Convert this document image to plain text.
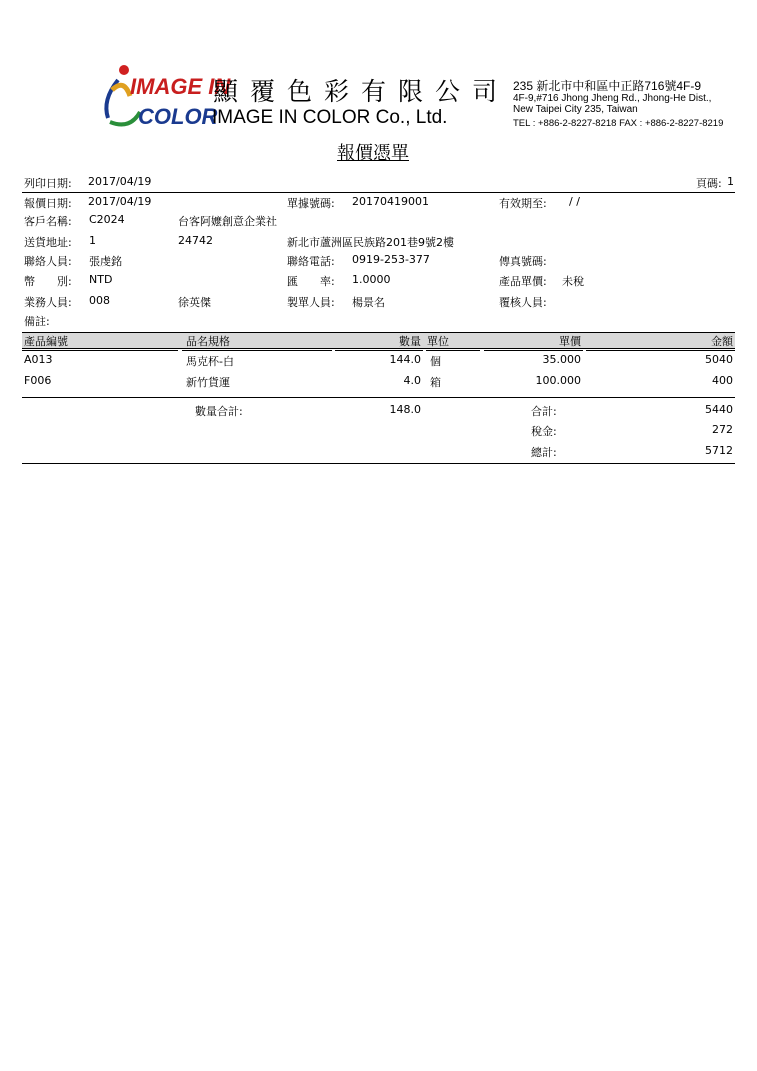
IMAGE IN
COLOR
顯覆色彩有限公司
IMAGE IN COLOR Co., Ltd.
235 新北市中和區中正路716號4F-9
4F-9,#716 Jhong Jheng Rd., Jhong-He Dist.,
New Taipei City 235, Taiwan
TEL : +886-2-8227-8218 FAX : +886-2-8227-8219
報價憑單
列印日期: 2017/04/19	頁碼: 1
報價日期: 2017/04/19	單據號碼: 20170419001	有效期至: / /
客戶名稱: C2024	台客阿嬤創意企業社
送貨地址: 1	24742	新北市蘆洲區民族路201巷9號2樓
聯絡人員: 張虔銘	聯絡電話: 0919-253-377	傳真號碼:
幣　　別: NTD	匯　　率: 1.0000	產品單價: 未稅
業務人員: 008	徐英傑	製單人員: 楊景名	覆核人員:
備註:
產品編號	品名規格	數量 單位	單價	金額
A013	馬克杯-白	144.0 個	35.000	5040
F006	新竹貨運	4.0 箱	100.000	400
數量合計:	148.0	合計:	5440
稅金:	272
總計:	5712
